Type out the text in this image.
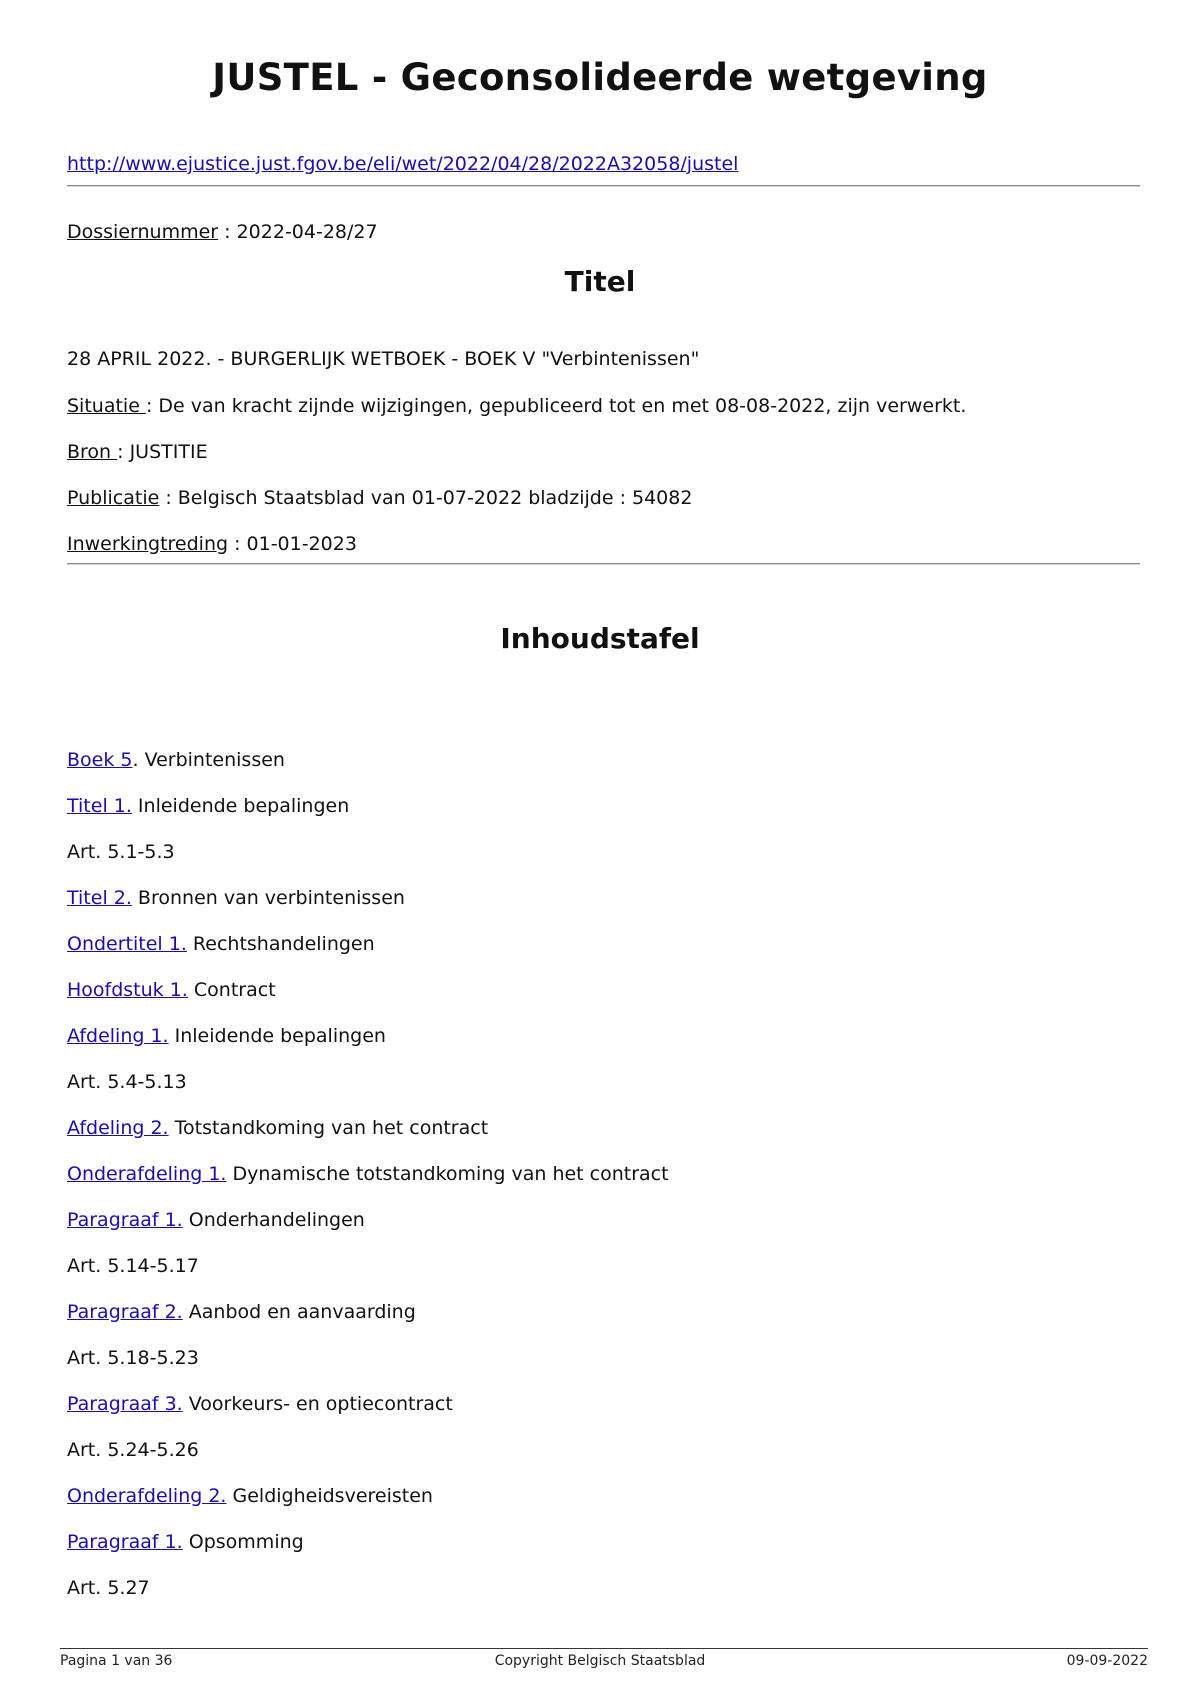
JUSTEL - Geconsolideerde wetgeving
http://www.ejustice.just.fgov.be/eli/wet/2022/04/28/2022A32058/justel
Dossiernummer : 2022-04-28/27
Titel
28 APRIL 2022. - BURGERLIJK WETBOEK - BOEK V "Verbintenissen"
Situatie : De van kracht zijnde wijzigingen, gepubliceerd tot en met 08-08-2022, zijn verwerkt.
Bron : JUSTITIE
Publicatie : Belgisch Staatsblad van 01-07-2022 bladzijde : 54082
Inwerkingtreding : 01-01-2023
Inhoudstafel
Boek 5. Verbintenissen
Titel 1. Inleidende bepalingen
Art. 5.1-5.3
Titel 2. Bronnen van verbintenissen
Ondertitel 1. Rechtshandelingen
Hoofdstuk 1. Contract
Afdeling 1. Inleidende bepalingen
Art. 5.4-5.13
Afdeling 2. Totstandkoming van het contract
Onderafdeling 1. Dynamische totstandkoming van het contract
Paragraaf 1. Onderhandelingen
Art. 5.14-5.17
Paragraaf 2. Aanbod en aanvaarding
Art. 5.18-5.23
Paragraaf 3. Voorkeurs- en optiecontract
Art. 5.24-5.26
Onderafdeling 2. Geldigheidsvereisten
Paragraaf 1. Opsomming
Art. 5.27
Pagina 1 van 36	Copyright Belgisch Staatsblad	09-09-2022
